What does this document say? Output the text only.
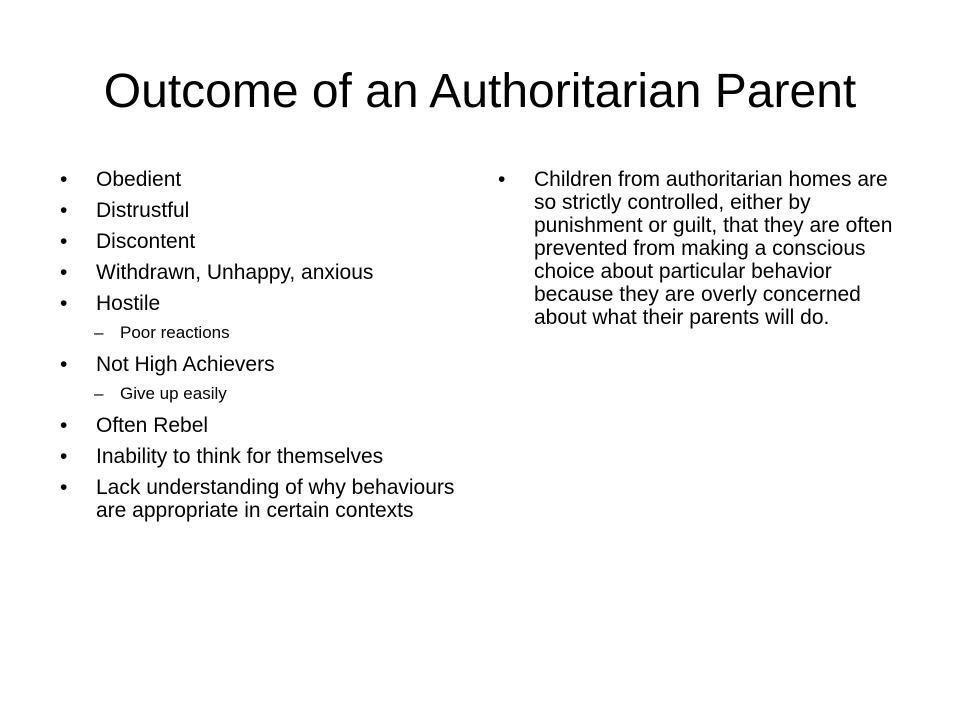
Outcome of an Authoritarian Parent
• Obedient
• Distrustful
• Discontent
• Withdrawn, Unhappy, anxious
• Hostile
– Poor reactions
• Not High Achievers
– Give up easily
• Often Rebel
• Inability to think for themselves
• Lack understanding of why behaviours are appropriate in certain contexts
• Children from authoritarian homes are so strictly controlled, either by punishment or guilt, that they are often prevented from making a conscious choice about particular behavior because they are overly concerned about what their parents will do.
